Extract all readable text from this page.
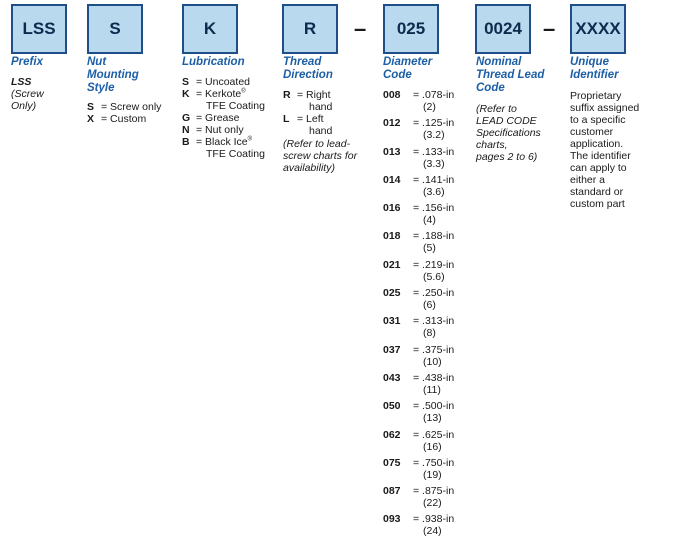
LSS	S	K	R	–	025	0024 –	XXXX
Prefix
LSS
(Screw
Only)
Nut
Mounting
Style
S = Screw only
X = Custom
Lubrication
S = Uncoated
K = Kerkote®
TFE Coating
G = Grease
N = Nut only
B = Black Ice®
TFE Coating
Thread
Direction
R = Right
hand
L = Left
hand
(Refer to lead-
screw charts for
availability)
Diameter
Code
008	= .078-in
(2)
012	= .125-in
(3.2)
013	= .133-in
(3.3)
014	= .141-in
(3.6)
016	= .156-in
(4)
018	= .188-in
(5)
021	= .219-in
(5.6)
025	= .250-in
(6)
031	= .313-in
(8)
037	= .375-in
(10)
043	= .438-in
(11)
050	= .500-in
(13)
062	= .625-in
(16)
075	= .750-in
(19)
087	= .875-in
(22)
093	= .938-in
(24)
Nominal
Thread Lead
Code
(Refer to
LEAD CODE
Specifications
charts,
pages 2 to 6)
Unique
Identifier
Proprietary
suffix assigned
to a specific
customer
application.
The identifier
can apply to
either a
standard or
custom part
